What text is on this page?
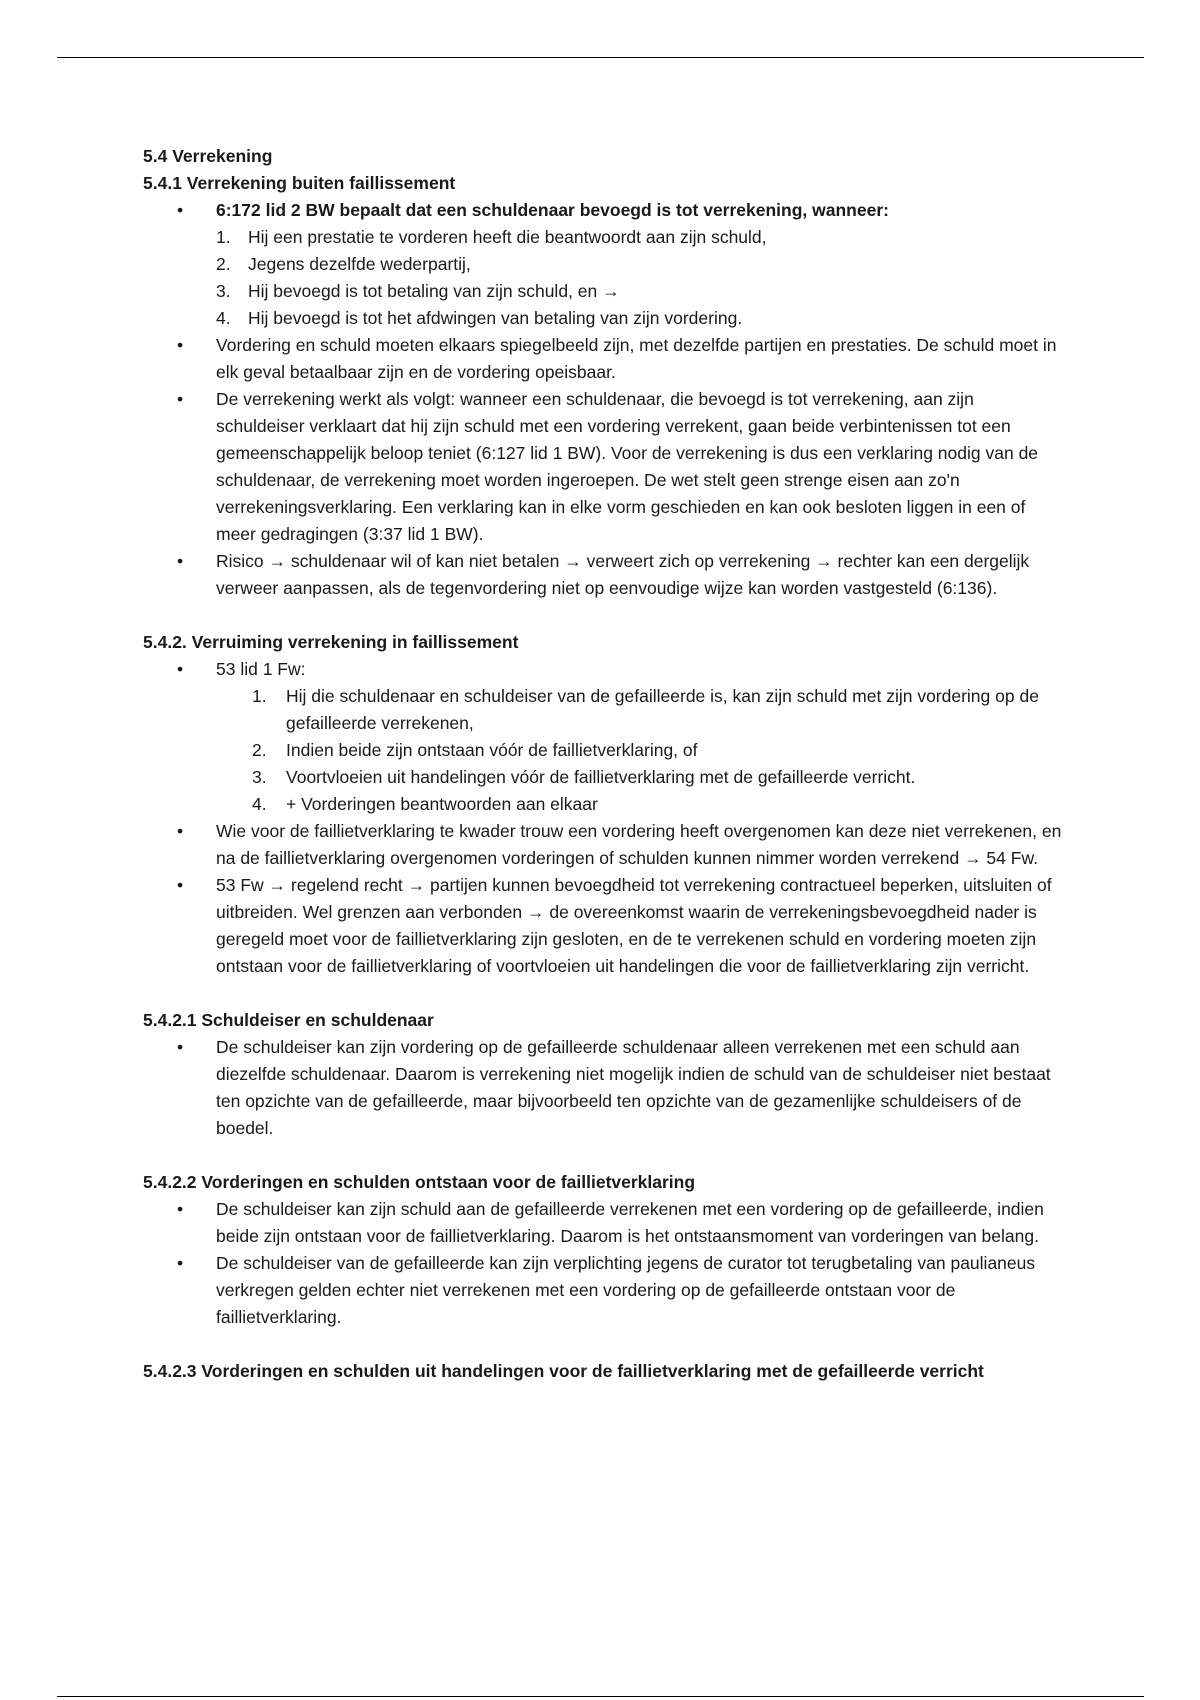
5.4 Verrekening
5.4.1 Verrekening buiten faillissement
• 6:172 lid 2 BW bepaalt dat een schuldenaar bevoegd is tot verrekening, wanneer:
1. Hij een prestatie te vorderen heeft die beantwoordt aan zijn schuld,
2. Jegens dezelfde wederpartij,
3. Hij bevoegd is tot betaling van zijn schuld, en →
4. Hij bevoegd is tot het afdwingen van betaling van zijn vordering.
• Vordering en schuld moeten elkaars spiegelbeeld zijn, met dezelfde partijen en prestaties. De schuld moet in elk geval betaalbaar zijn en de vordering opeisbaar.
• De verrekening werkt als volgt: wanneer een schuldenaar, die bevoegd is tot verrekening, aan zijn schuldeiser verklaart dat hij zijn schuld met een vordering verrekent, gaan beide verbintenissen tot een gemeenschappelijk beloop teniet (6:127 lid 1 BW). Voor de verrekening is dus een verklaring nodig van de schuldenaar, de verrekening moet worden ingeroepen. De wet stelt geen strenge eisen aan zo'n verrekeningsverklaring. Een verklaring kan in elke vorm geschieden en kan ook besloten liggen in een of meer gedragingen (3:37 lid 1 BW).
• Risico → schuldenaar wil of kan niet betalen → verweert zich op verrekening → rechter kan een dergelijk verweer aanpassen, als de tegenvordering niet op eenvoudige wijze kan worden vastgesteld (6:136).
5.4.2. Verruiming verrekening in faillissement
• 53 lid 1 Fw:
1. Hij die schuldenaar en schuldeiser van de gefailleerde is, kan zijn schuld met zijn vordering op de gefailleerde verrekenen,
2. Indien beide zijn ontstaan vóór de faillietverklaring, of
3. Voortvloeien uit handelingen vóór de faillietverklaring met de gefailleerde verricht.
4. + Vorderingen beantwoorden aan elkaar
• Wie voor de faillietverklaring te kwader trouw een vordering heeft overgenomen kan deze niet verrekenen, en na de faillietverklaring overgenomen vorderingen of schulden kunnen nimmer worden verrekend → 54 Fw.
• 53 Fw → regelend recht → partijen kunnen bevoegdheid tot verrekening contractueel beperken, uitsluiten of uitbreiden. Wel grenzen aan verbonden → de overeenkomst waarin de verrekeningsbevoegdheid nader is geregeld moet voor de faillietverklaring zijn gesloten, en de te verrekenen schuld en vordering moeten zijn ontstaan voor de faillietverklaring of voortvloeien uit handelingen die voor de faillietverklaring zijn verricht.
5.4.2.1 Schuldeiser en schuldenaar
• De schuldeiser kan zijn vordering op de gefailleerde schuldenaar alleen verrekenen met een schuld aan diezelfde schuldenaar. Daarom is verrekening niet mogelijk indien de schuld van de schuldeiser niet bestaat ten opzichte van de gefailleerde, maar bijvoorbeeld ten opzichte van de gezamenlijke schuldeisers of de boedel.
5.4.2.2 Vorderingen en schulden ontstaan voor de faillietverklaring
• De schuldeiser kan zijn schuld aan de gefailleerde verrekenen met een vordering op de gefailleerde, indien beide zijn ontstaan voor de faillietverklaring. Daarom is het ontstaansmoment van vorderingen van belang.
• De schuldeiser van de gefailleerde kan zijn verplichting jegens de curator tot terugbetaling van paulianeus verkregen gelden echter niet verrekenen met een vordering op de gefailleerde ontstaan voor de faillietverklaring.
5.4.2.3 Vorderingen en schulden uit handelingen voor de faillietverklaring met de gefailleerde verricht
